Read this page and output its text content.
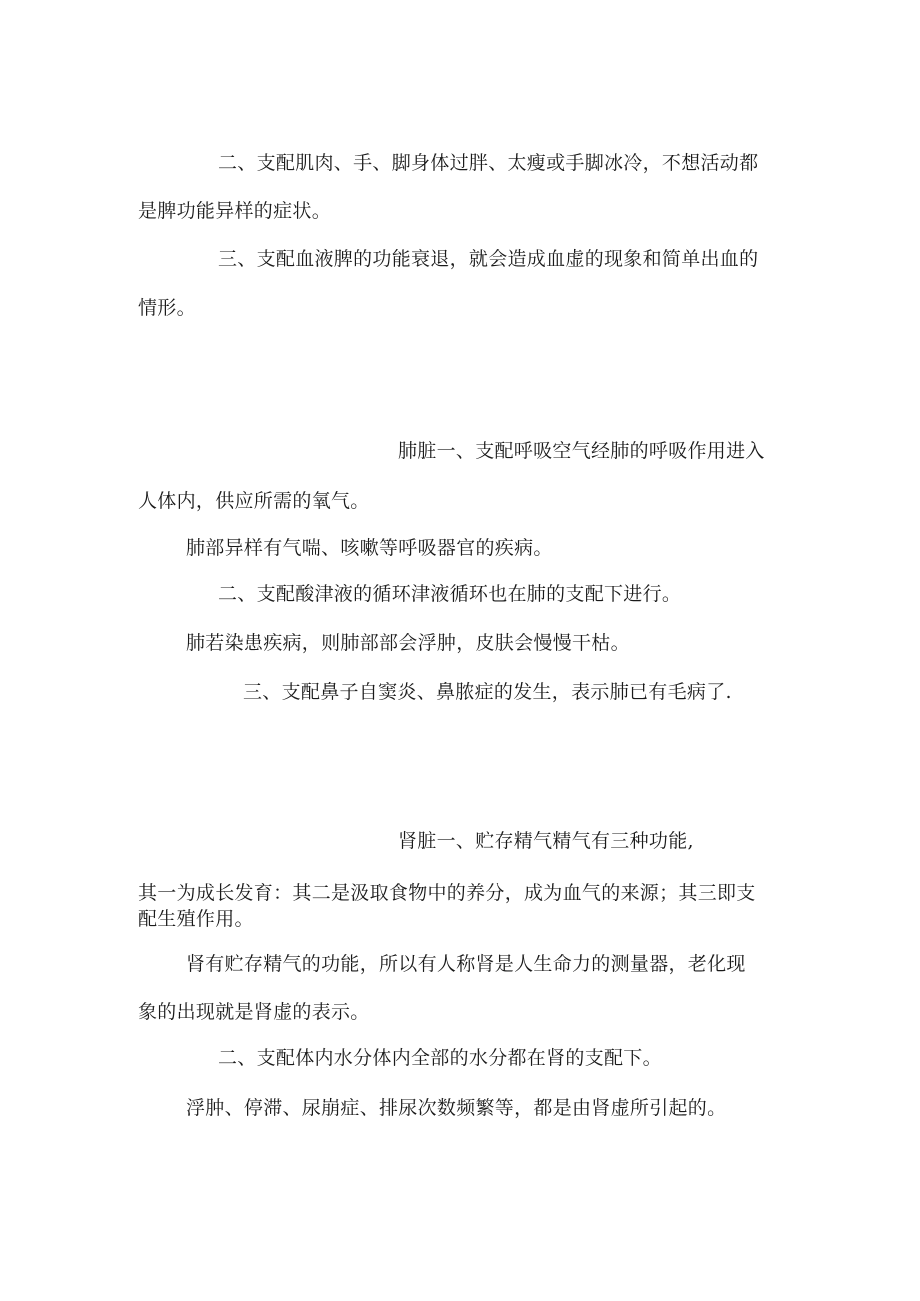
二、支配肌肉、手、脚身体过胖、太瘦或手脚冰冷，不想活动都
是脾功能异样的症状。
三、支配血液脾的功能衰退，就会造成血虚的现象和简单出血的
情形。
肺脏一、支配呼吸空气经肺的呼吸作用进入
人体内，供应所需的氧气。
肺部异样有气喘、咳嗽等呼吸器官的疾病。
二、支配酸津液的循环津液循环也在肺的支配下进行。
肺若染患疾病，则肺部部会浮肿，皮肤会慢慢干枯。
三、支配鼻子自窦炎、鼻脓症的发生，表示肺已有毛病了.
肾脏一、贮存精气精气有三种功能,
其一为成长发育：其二是汲取食物中的养分，成为血气的来源；其三即支
配生殖作用。
肾有贮存精气的功能，所以有人称肾是人生命力的测量器，老化现
象的出现就是肾虚的表示。
二、支配体内水分体内全部的水分都在肾的支配下。
浮肿、停滞、尿崩症、排尿次数频繁等，都是由肾虚所引起的。
